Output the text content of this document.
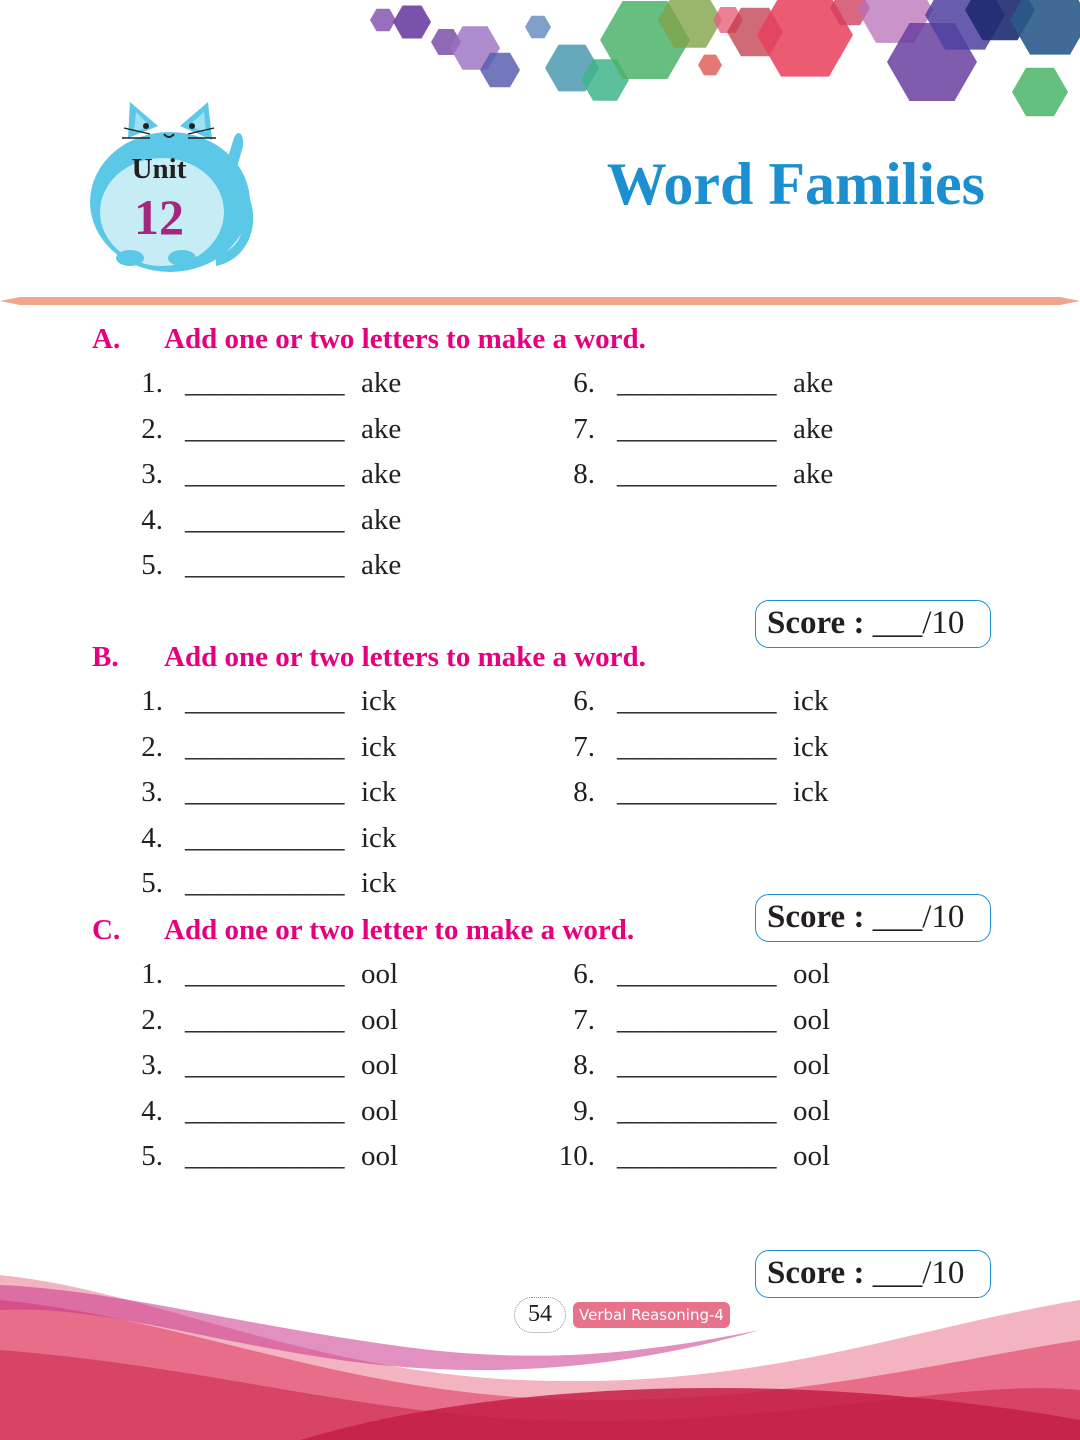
Unit
12	Word Families
A. Add one or two letters to make a word.
1. ___________ ake
2. ___________ ake
3. ___________ ake
4. ___________ ake
5. ___________ ake
6. ___________ ake
7. ___________ ake
8. ___________ ake
Score : ___/10
B. Add one or two letters to make a word.
1. ___________ ick
2. ___________ ick
3. ___________ ick
4. ___________ ick
5. ___________ ick
6. ___________ ick
7. ___________ ick
8. ___________ ick
Score : ___/10
C. Add one or two letter to make a word.
1. ___________ ool
2. ___________ ool
3. ___________ ool
4. ___________ ool
5. ___________ ool
6. ___________ ool
7. ___________ ool
8. ___________ ool
9. ___________ ool
10. ___________ ool
Score : ___/10
54	Verbal Reasoning-4
